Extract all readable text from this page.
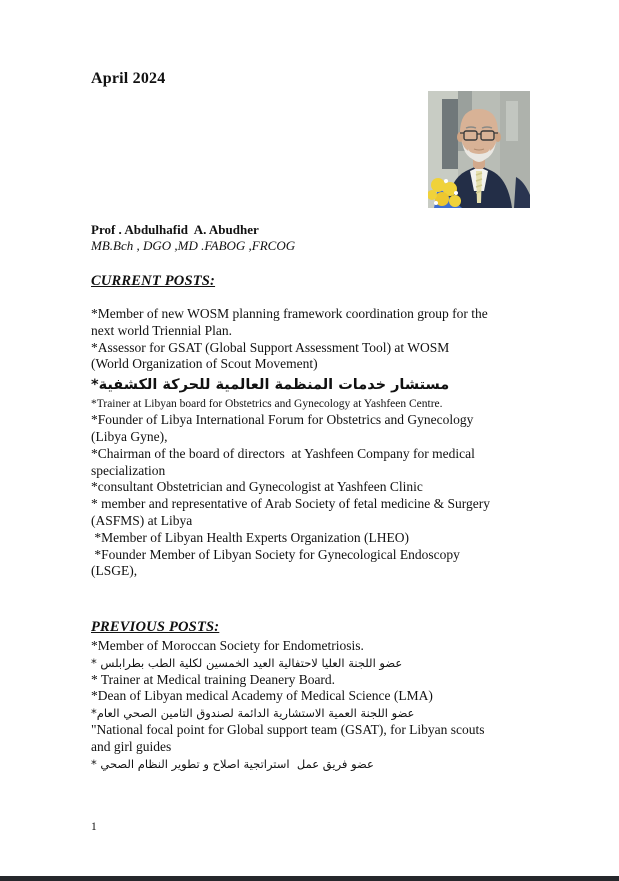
April 2024
Prof . Abdulhafid  A. Abudher
MB.Bch , DGO ,MD .FABOG ,FRCOG
CURRENT POSTS:
*Member of new WOSM planning framework coordination group for the
next world Triennial Plan.
*Assessor for GSAT (Global Support Assessment Tool) at WOSM
(World Organization of Scout Movement)
مستشار خدمات المنظمة العالمية للحركة الكشفية*
*Trainer at Libyan board for Obstetrics and Gynecology at Yashfeen Centre.
*Founder of Libya International Forum for Obstetrics and Gynecology
(Libya Gyne),
*Chairman of the board of directors  at Yashfeen Company for medical
specialization
*consultant Obstetrician and Gynecologist at Yashfeen Clinic
* member and representative of Arab Society of fetal medicine & Surgery
(ASFMS) at Libya
*Member of Libyan Health Experts Organization (LHEO)
*Founder Member of Libyan Society for Gynecological Endoscopy
(LSGE),
PREVIOUS POSTS:
*Member of Moroccan Society for Endometriosis.
عضو اللجنة العليا لاحتفالية العيد الخمسين لكلية الطب بطرابلس *
* Trainer at Medical training Deanery Board.
*Dean of Libyan medical Academy of Medical Science (LMA)
عضو اللجنة العمية الاستشارية الدائمة لصندوق التامين الصحي العام*
"National focal point for Global support team (GSAT), for Libyan scouts
and girl guides
عضو فريق عمل  استراتجية اصلاح و تطوير النظام الصحي *
1
